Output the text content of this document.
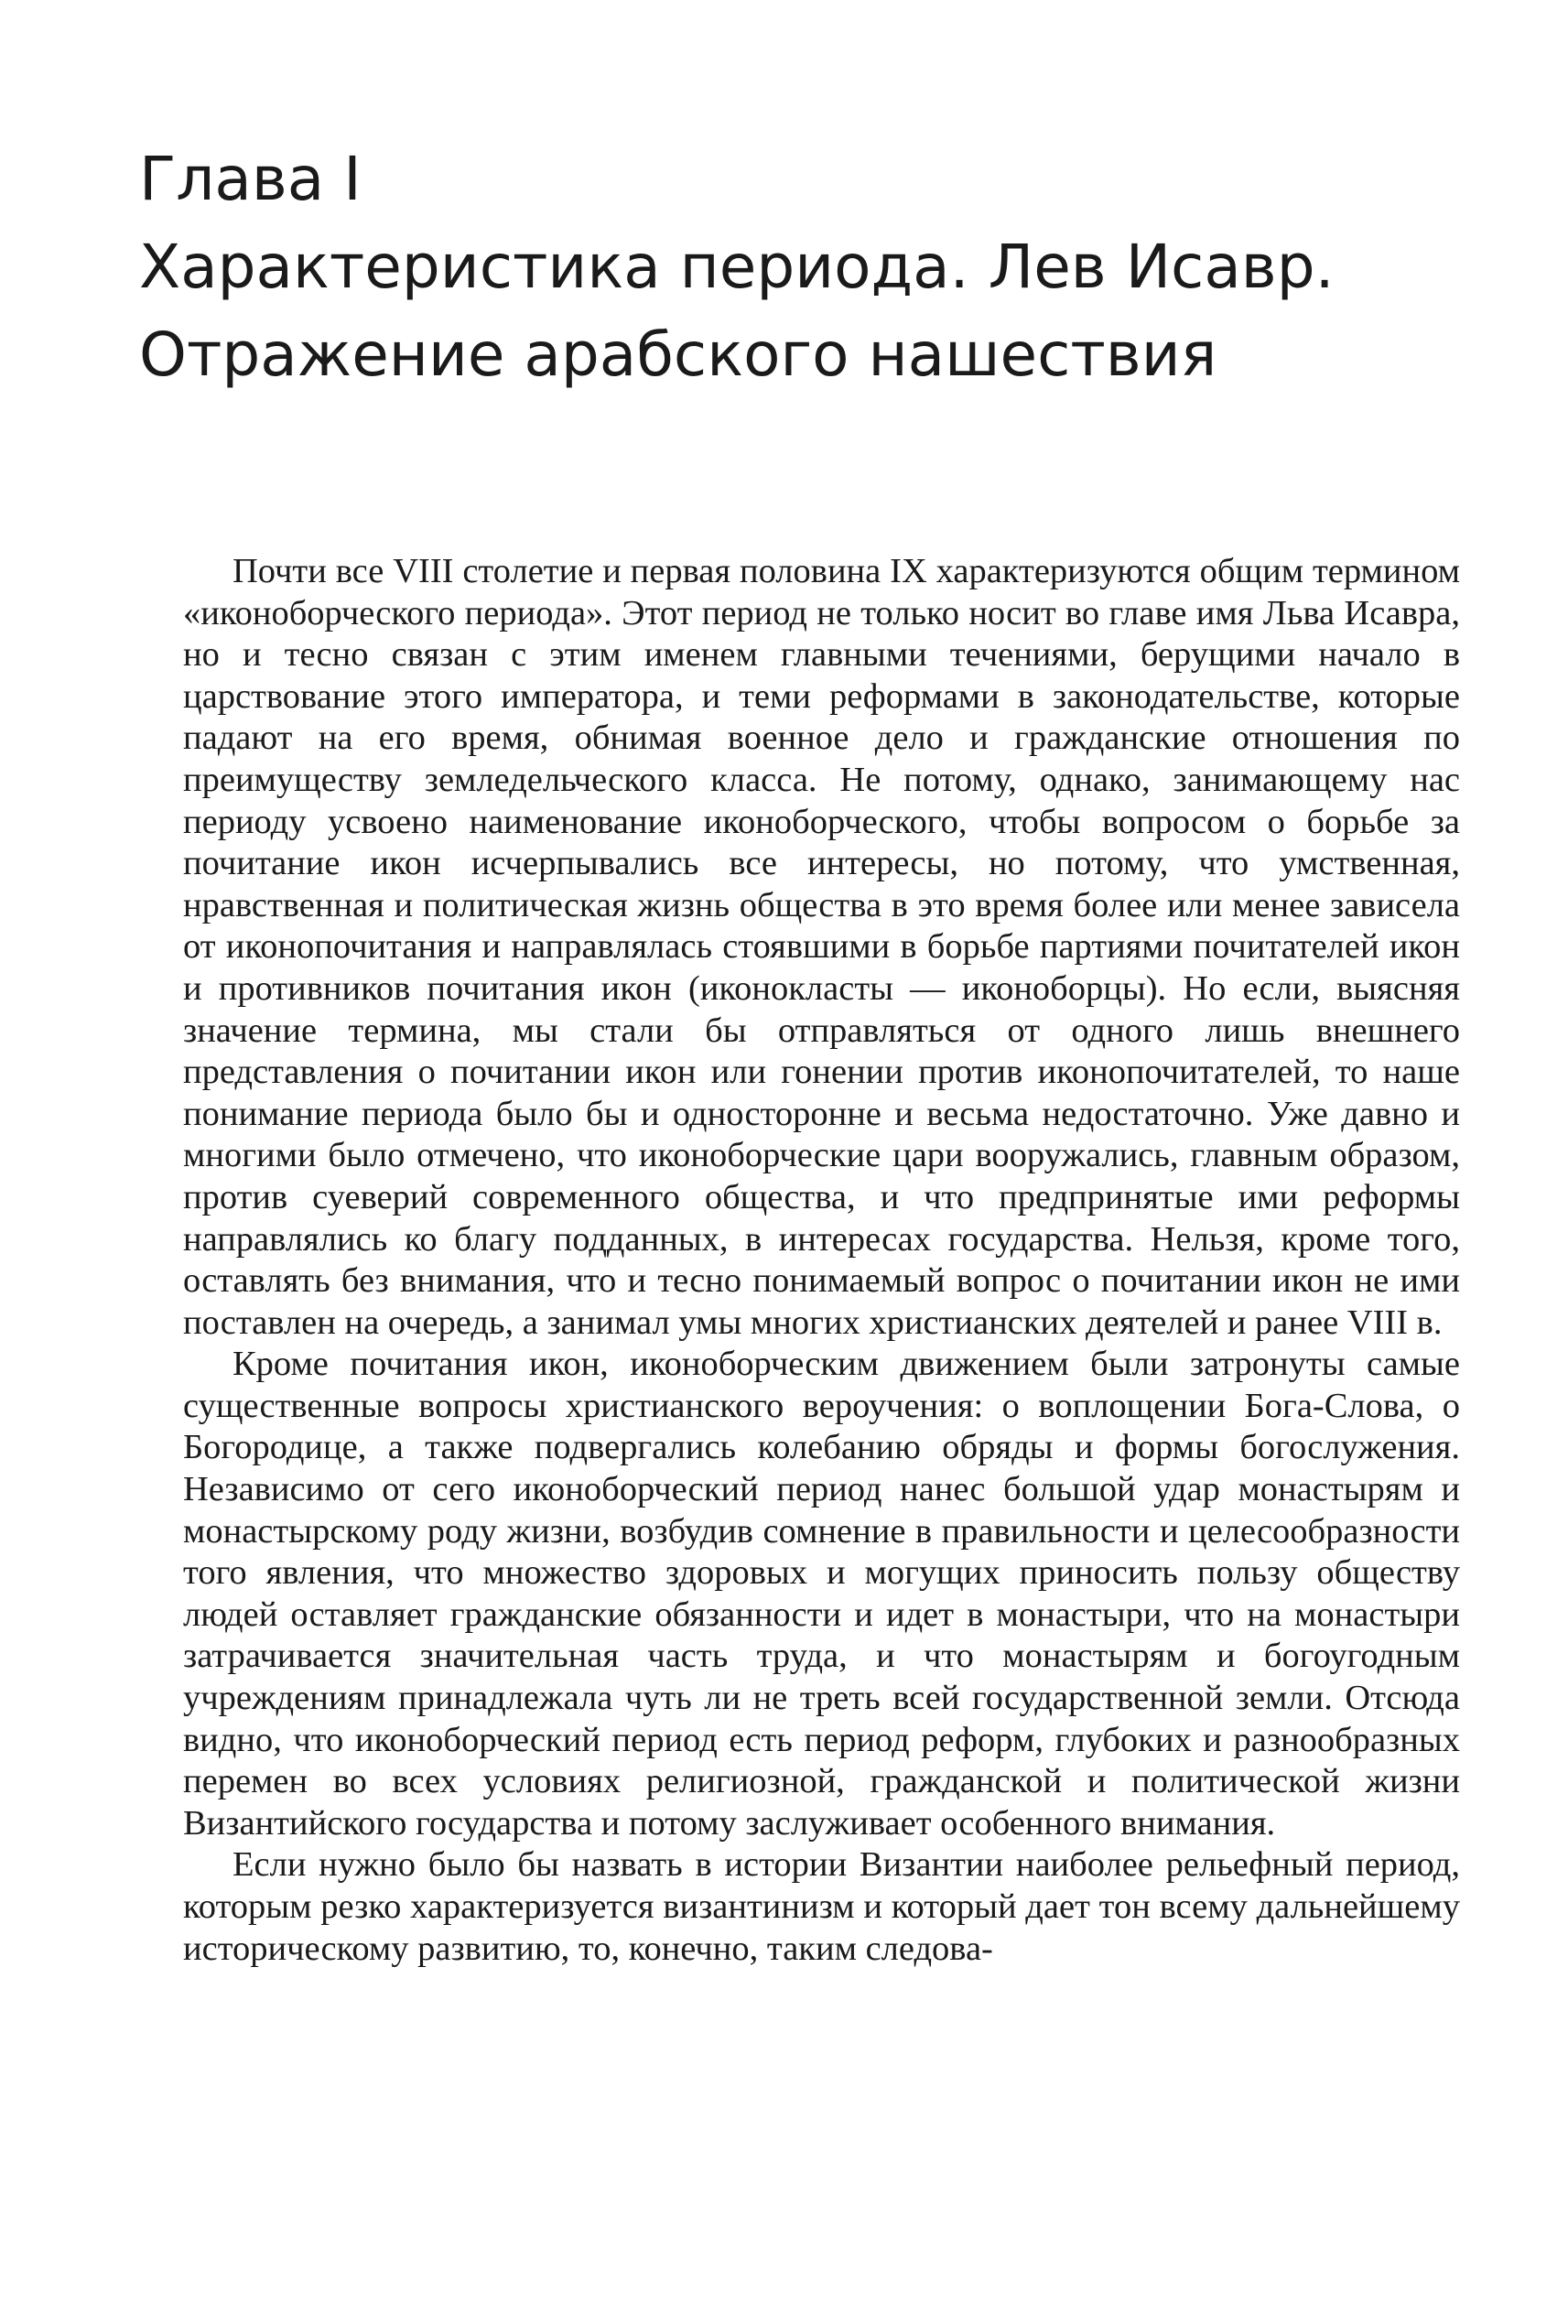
Глава I
Характеристика периода. Лев Исавр.
Отражение арабского нашествия

Почти все VIII столетие и первая половина IX характеризуются общим термином «иконоборческого периода». Этот период не только носит во главе имя Льва Исавра, но и тесно связан с этим именем главными течениями, берущими начало в царствование этого императора, и теми реформами в законодательстве, которые падают на его время, обнимая военное дело и гражданские отношения по преимуществу земледельческого класса. Не потому, однако, занимающему нас периоду усвоено наименование иконоборческого, чтобы вопросом о борьбе за почитание икон исчерпывались все интересы, но потому, что умственная, нравственная и политическая жизнь общества в это время более или менее зависела от иконопочитания и направлялась стоявшими в борьбе партиями почитателей икон и противников почитания икон (иконокласты — иконоборцы). Но если, выясняя значение термина, мы стали бы отправляться от одного лишь внешнего представления о почитании икон или гонении против иконопочитателей, то наше понимание периода было бы и односторонне и весьма недостаточно. Уже давно и многими было отмечено, что иконоборческие цари вооружались, главным образом, против суеверий современного общества, и что предпринятые ими реформы направлялись ко благу подданных, в интересах государства. Нельзя, кроме того, оставлять без внимания, что и тесно понимаемый вопрос о почитании икон не ими поставлен на очередь, а занимал умы многих христианских деятелей и ранее VIII в.

Кроме почитания икон, иконоборческим движением были затронуты самые существенные вопросы христианского вероучения: о воплощении Бога-Слова, о Богородице, а также подвергались колебанию обряды и формы богослужения. Независимо от сего иконоборческий период нанес большой удар монастырям и монастырскому роду жизни, возбудив сомнение в правильности и целесообразности того явления, что множество здоровых и могущих приносить пользу обществу людей оставляет гражданские обязанности и идет в монастыри, что на монастыри затрачивается значительная часть труда, и что монастырям и богоугодным учреждениям принадлежала чуть ли не треть всей государственной земли. Отсюда видно, что иконоборческий период есть период реформ, глубоких и разнообразных перемен во всех условиях религиозной, гражданской и политической жизни Византийского государства и потому заслуживает особенного внимания.

Если нужно было бы назвать в истории Византии наиболее рельефный период, которым резко характеризуется византинизм и который дает тон всему дальнейшему историческому развитию, то, конечно, таким следова-
